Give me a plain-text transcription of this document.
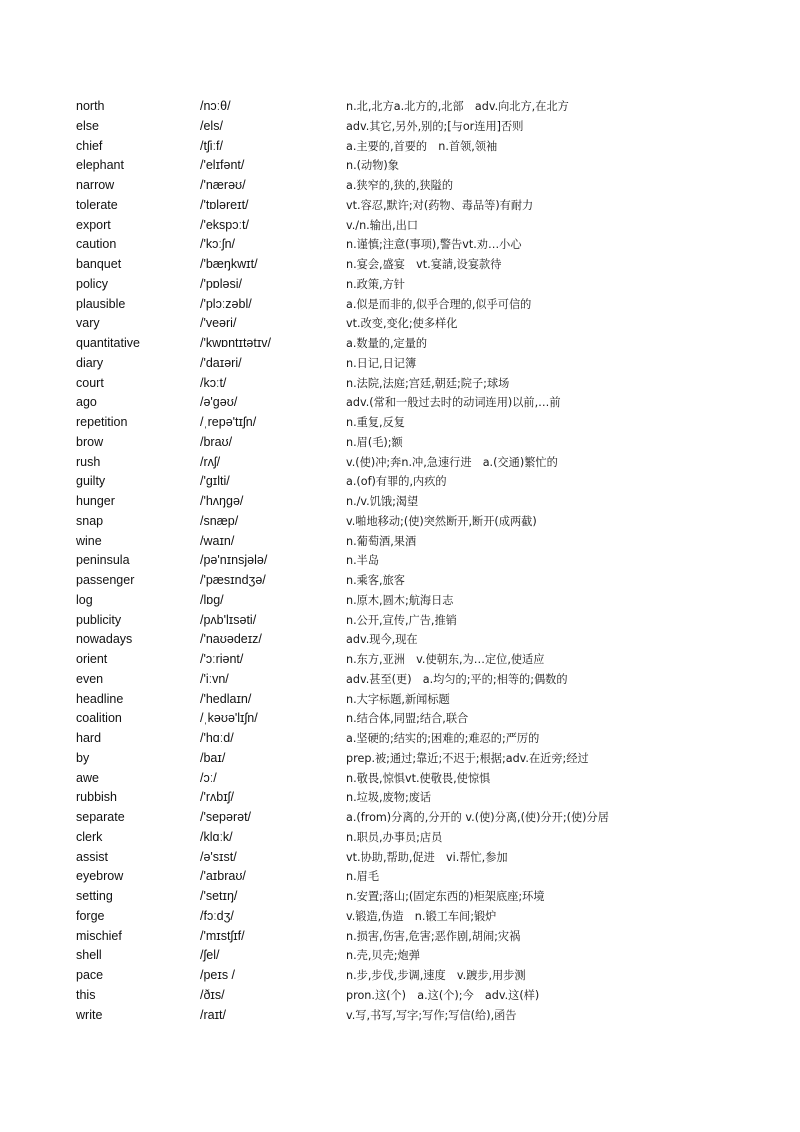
north	/nɔːθ/	n.北,北方a.北方的,北部　adv.向北方,在北方
else	/els/	adv.其它,另外,别的;[与or连用]否则
chief	/tʃiːf/	a.主要的,首要的　n.首领,领袖
elephant	/'elɪfənt/	n.(动物)象
narrow	/'nærəʊ/	a.狭窄的,狭的,狭隘的
tolerate	/'tɒləreɪt/	vt.容忍,默许;对(药物、毒品等)有耐力
export	/'ekspɔːt/	v./n.输出,出口
caution	/'kɔːʃn/	n.谨慎;注意(事项),警告vt.劝…小心
banquet	/'bæŋkwɪt/	n.宴会,盛宴　vt.宴請,设宴款待
policy	/'pɒləsi/	n.政策,方针
plausible	/'plɔːzəbl/	a.似是而非的,似乎合理的,似乎可信的
vary	/'veəri/	vt.改变,变化;使多样化
quantitative	/'kwɒntɪtətɪv/	a.数量的,定量的
diary	/'daɪəri/	n.日记,日记簿
court	/kɔːt/	n.法院,法庭;宫廷,朝廷;院子;球场
ago	/ə'gəʊ/	adv.(常和一般过去时的动词连用)以前,…前
repetition	/ˌrepə'tɪʃn/	n.重复,反复
brow	/braʊ/	n.眉(毛);额
rush	/rʌʃ/	v.(使)冲;奔n.冲,急速行进　a.(交通)繁忙的
guilty	/'gɪlti/	a.(of)有罪的,内疚的
hunger	/'hʌŋgə/	n./v.饥饿;渴望
snap	/snæp/	v.啪地移动;(使)突然断开,断开(成两截)
wine	/waɪn/	n.葡萄酒,果酒
peninsula	/pə'nɪnsjələ/	n.半岛
passenger	/'pæsɪndʒə/	n.乘客,旅客
log	/lɒg/	n.原木,圆木;航海日志
publicity	/pʌb'lɪsəti/	n.公开,宣传,广告,推销
nowadays	/'naʊədeɪz/	adv.现今,现在
orient	/'ɔːriənt/	n.东方,亚洲　v.使朝东,为…定位,使适应
even	/'iːvn/	adv.甚至(更)　a.均匀的;平的;相等的;偶数的
headline	/'hedlaɪn/	n.大字标题,新闻标题
coalition	/ˌkəʊə'lɪʃn/	n.结合体,同盟;结合,联合
hard	/'hɑːd/	a.坚硬的;结实的;困难的;难忍的;严厉的
by	/baɪ/	prep.被;通过;靠近;不迟于;根据;adv.在近旁;经过
awe	/ɔː/	n.敬畏,惊惧vt.使敬畏,使惊惧
rubbish	/'rʌbɪʃ/	n.垃圾,废物;废话
separate	/'sepərət/	a.(from)分离的,分开的 v.(使)分离,(使)分开;(使)分居
clerk	/klɑːk/	n.职员,办事员;店员
assist	/ə'sɪst/	vt.协助,帮助,促进　vi.帮忙,参加
eyebrow	/'aɪbraʊ/	n.眉毛
setting	/'setɪŋ/	n.安置;落山;(固定东西的)柜架底座;环境
forge	/fɔːdʒ/	v.锻造,伪造　n.锻工车间;锻炉
mischief	/'mɪstʃɪf/	n.损害,伤害,危害;恶作剧,胡闹;灾祸
shell	/ʃel/	n.壳,贝壳;炮弹
pace	/peɪs /	n.步,步伐,步调,速度　v.踱步,用步测
this	/ðɪs/	pron.这(个)　a.这(个);今　adv.这(样)
write	/raɪt/	v.写,书写,写字;写作;写信(给),函告
